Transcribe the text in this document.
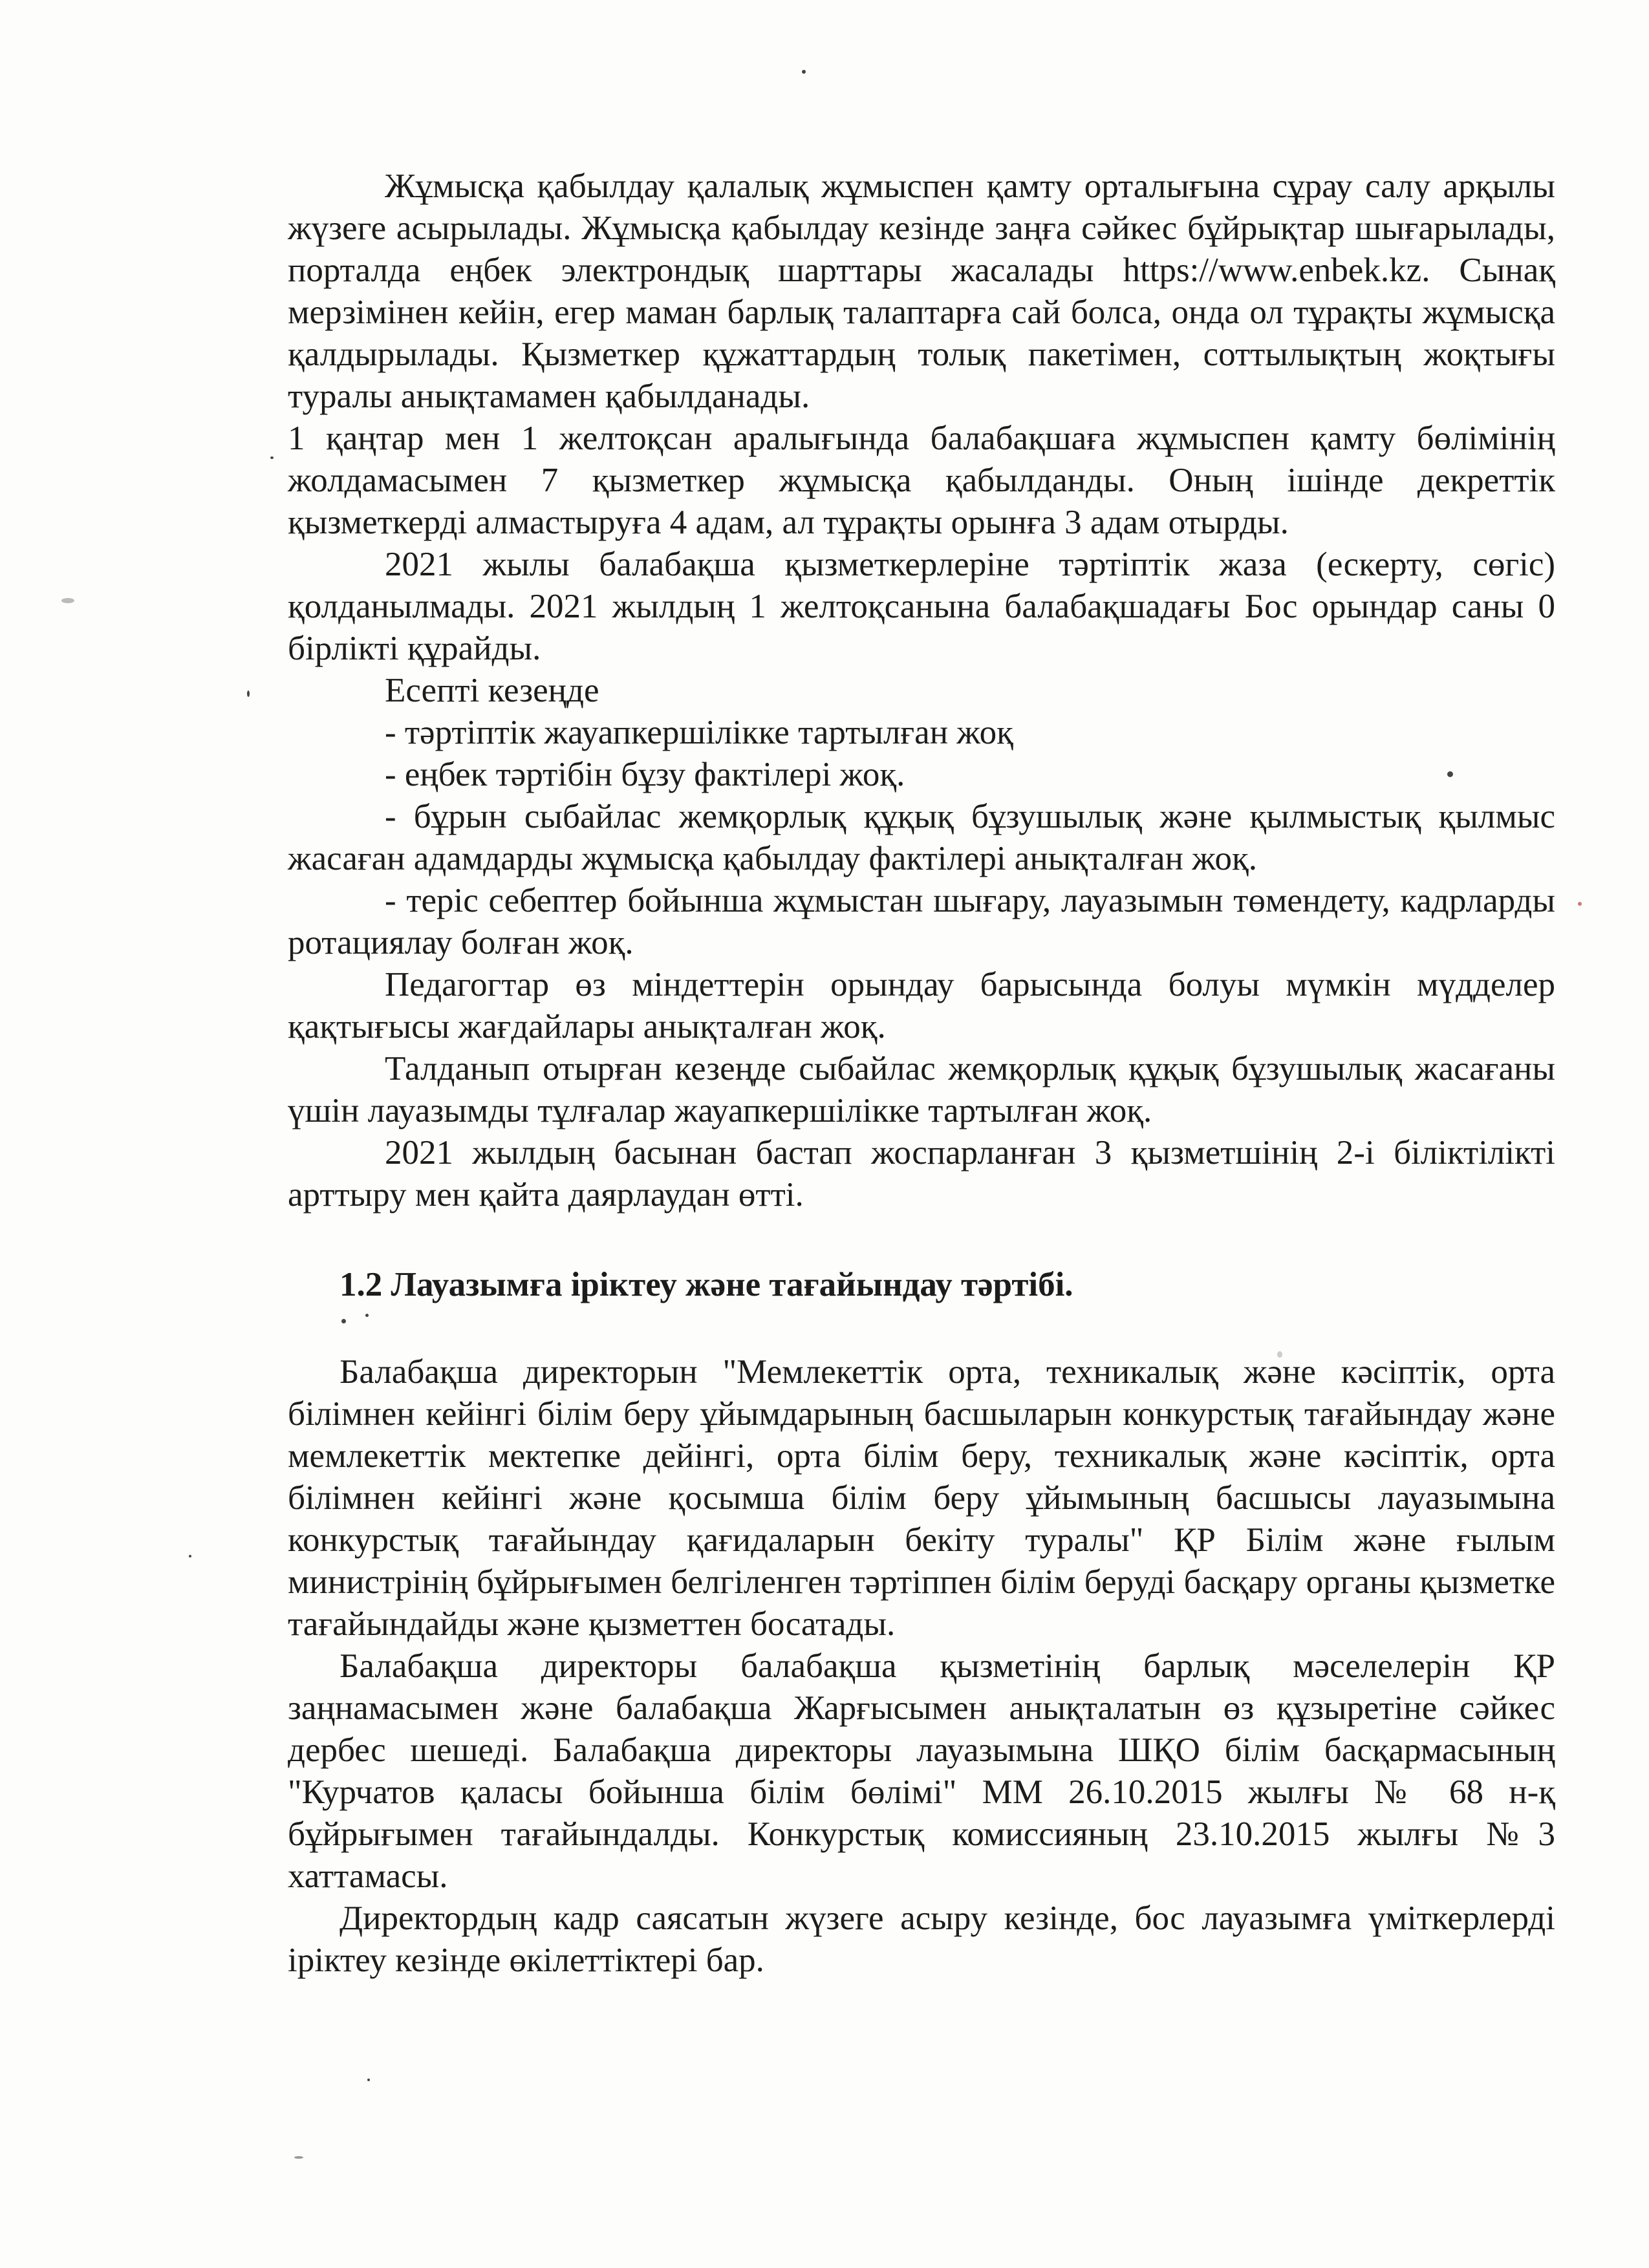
Жұмысқа қабылдау қалалық жұмыспен қамту орталығына сұрау салу арқылы жүзеге асырылады. Жұмысқа қабылдау кезінде заңға сәйкес бұйрықтар шығарылады, порталда еңбек электрондық шарттары жасалады https://www.enbek.kz. Сынақ мерзімінен кейін, егер маман барлық талаптарға сай болса, онда ол тұрақты жұмысқа қалдырылады. Қызметкер құжаттардың толық пакетімен, соттылықтың жоқтығы туралы анықтамамен қабылданады.

1 қаңтар мен 1 желтоқсан аралығында балабақшаға жұмыспен қамту бөлімінің жолдамасымен 7 қызметкер жұмысқа қабылданды. Оның ішінде декреттік қызметкерді алмастыруға 4 адам, ал тұрақты орынға 3 адам отырды.

2021 жылы балабақша қызметкерлеріне тәртіптік жаза (ескерту, сөгіс) қолданылмады. 2021 жылдың 1 желтоқсанына балабақшадағы Бос орындар саны 0 бірлікті құрайды.

Есепті кезеңде

- тәртіптік жауапкершілікке тартылған жоқ

- еңбек тәртібін бұзу фактілері жоқ.

- бұрын сыбайлас жемқорлық құқық бұзушылық және қылмыстық қылмыс жасаған адамдарды жұмысқа қабылдау фактілері анықталған жоқ.

- теріс себептер бойынша жұмыстан шығару, лауазымын төмендету, кадрларды ротациялау болған жоқ.

Педагогтар өз міндеттерін орындау барысында болуы мүмкін мүдделер қақтығысы жағдайлары анықталған жоқ.

Талданып отырған кезеңде сыбайлас жемқорлық құқық бұзушылық жасағаны үшін лауазымды тұлғалар жауапкершілікке тартылған жоқ.

2021 жылдың басынан бастап жоспарланған 3 қызметшінің 2-і біліктілікті арттыру мен қайта даярлаудан өтті.

1.2 Лауазымға іріктеу және тағайындау тәртібі.

Балабақша директорын "Мемлекеттік орта, техникалық және кәсіптік, орта білімнен кейінгі білім беру ұйымдарының басшыларын конкурстық тағайындау және мемлекеттік мектепке дейінгі, орта білім беру, техникалық және кәсіптік, орта білімнен кейінгі және қосымша білім беру ұйымының басшысы лауазымына конкурстық тағайындау қағидаларын бекіту туралы" ҚР Білім және ғылым министрінің бұйрығымен белгіленген тәртіппен білім беруді басқару органы қызметке тағайындайды және қызметтен босатады.

Балабақша директоры балабақша қызметінің барлық мәселелерін ҚР заңнамасымен және балабақша Жарғысымен анықталатын өз құзыретіне сәйкес дербес шешеді. Балабақша директоры лауазымына ШҚО білім басқармасының "Курчатов қаласы бойынша білім бөлімі" ММ 26.10.2015 жылғы № 68 н-қ бұйрығымен тағайындалды. Конкурстық комиссияның 23.10.2015 жылғы №3 хаттамасы.

Директордың кадр саясатын жүзеге асыру кезінде, бос лауазымға үміткерлерді іріктеу кезінде өкілеттіктері бар.
